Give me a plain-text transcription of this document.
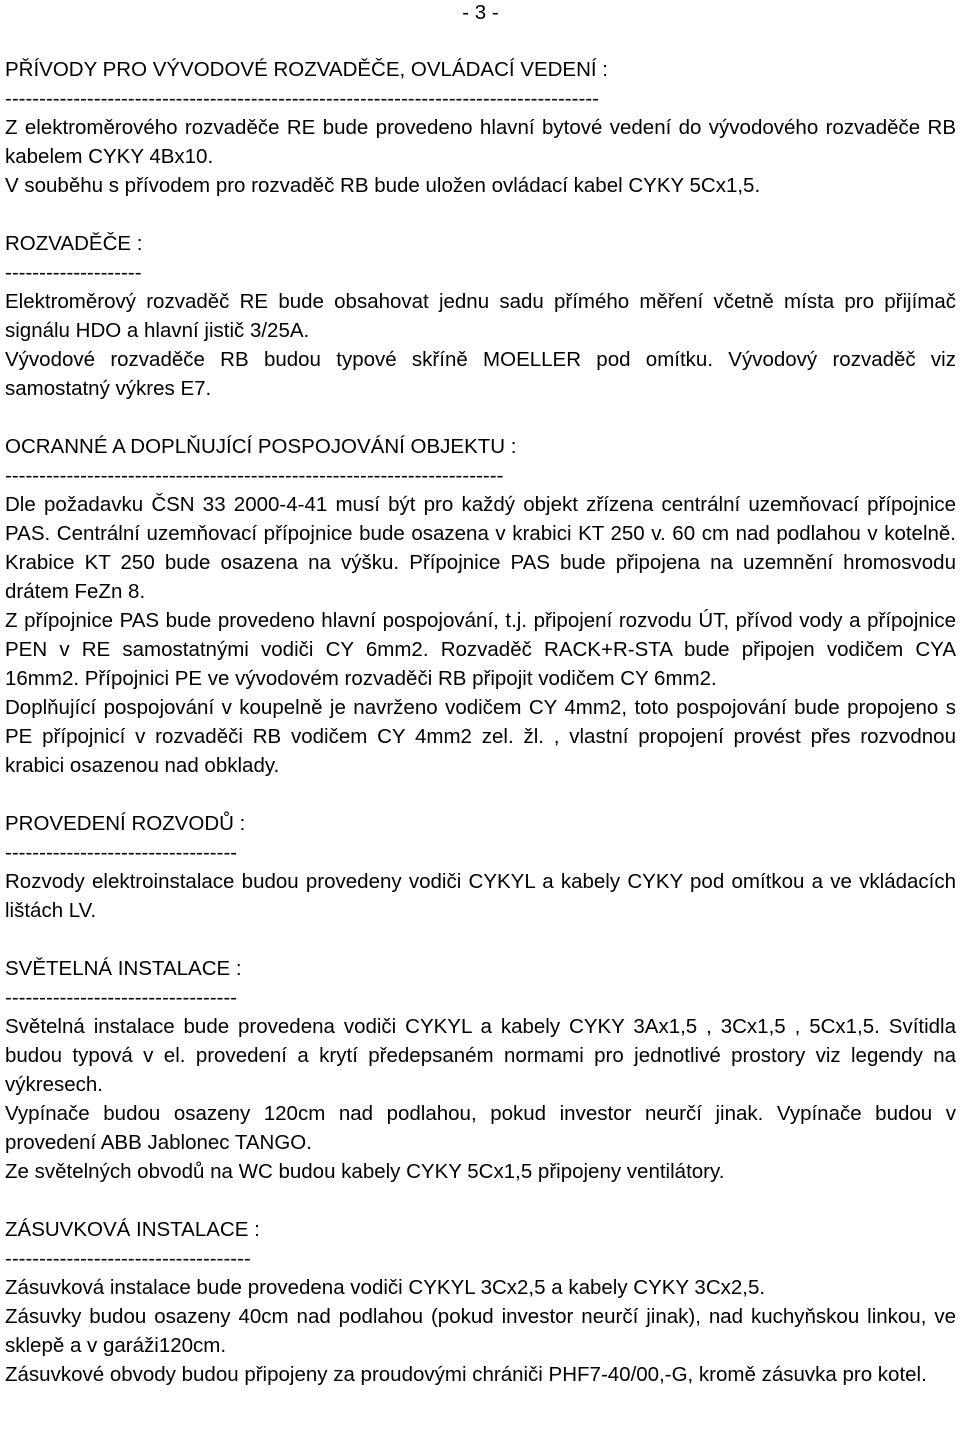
- 3 -
PŘÍVODY PRO VÝVODOVÉ ROZVADĚČE, OVLÁDACÍ VEDENÍ :
---------------------------------------------------------------------------------------

Z elektroměrového rozvaděče RE bude provedeno hlavní bytové vedení do vývodového rozvaděče RB kabelem CYKY 4Bx10.

V souběhu s přívodem pro rozvaděč RB bude uložen ovládací kabel CYKY 5Cx1,5.

ROZVADĚČE :
--------------------

Elektroměrový rozvaděč RE bude obsahovat jednu sadu přímého měření včetně místa pro přijímač signálu HDO a hlavní jistič 3/25A.

Vývodové rozvaděče RB budou typové skříně MOELLER pod omítku. Vývodový rozvaděč viz samostatný výkres E7.

OCRANNÉ A DOPLŇUJÍCÍ POSPOJOVÁNÍ OBJEKTU :
-------------------------------------------------------------------------

Dle požadavku ČSN 33 2000-4-41 musí být pro každý objekt zřízena centrální uzemňovací přípojnice PAS. Centrální uzemňovací přípojnice bude osazena v krabici KT 250 v. 60 cm nad podlahou v kotelně. Krabice KT 250 bude osazena na výšku. Přípojnice PAS bude připojena na uzemnění hromosvodu drátem FeZn 8.

Z přípojnice PAS bude provedeno hlavní pospojování, t.j. připojení rozvodu ÚT, přívod vody a přípojnice PEN v RE samostatnými vodiči CY 6mm2. Rozvaděč RACK+R-STA bude připojen vodičem CYA 16mm2. Přípojnici PE ve vývodovém rozvaděči RB připojit vodičem CY 6mm2.

Doplňující pospojování v koupelně je navrženo vodičem CY 4mm2, toto pospojování bude propojeno s PE přípojnicí v rozvaděči RB vodičem CY 4mm2 zel. žl. , vlastní propojení provést přes rozvodnou krabici osazenou nad obklady.

PROVEDENÍ ROZVODŮ :
----------------------------------

Rozvody elektroinstalace budou provedeny vodiči CYKYL a kabely CYKY pod omítkou a ve vkládacích lištách LV.

SVĚTELNÁ INSTALACE :
----------------------------------

Světelná instalace bude provedena vodiči CYKYL a kabely CYKY 3Ax1,5 , 3Cx1,5 , 5Cx1,5. Svítidla budou typová v el. provedení a krytí předepsaném normami pro jednotlivé prostory viz legendy na výkresech.

Vypínače budou osazeny 120cm nad podlahou, pokud investor neurčí jinak. Vypínače budou v provedení ABB Jablonec TANGO.

Ze světelných obvodů na WC budou kabely CYKY 5Cx1,5 připojeny ventilátory.

ZÁSUVKOVÁ INSTALACE :
------------------------------------

Zásuvková instalace bude provedena vodiči CYKYL 3Cx2,5 a kabely CYKY 3Cx2,5.

Zásuvky budou osazeny 40cm nad podlahou (pokud investor neurčí jinak), nad kuchyňskou linkou, ve sklepě a v garáži120cm.

Zásuvkové obvody budou připojeny za proudovými chrániči PHF7-40/00,-G, kromě zásuvka pro kotel.
